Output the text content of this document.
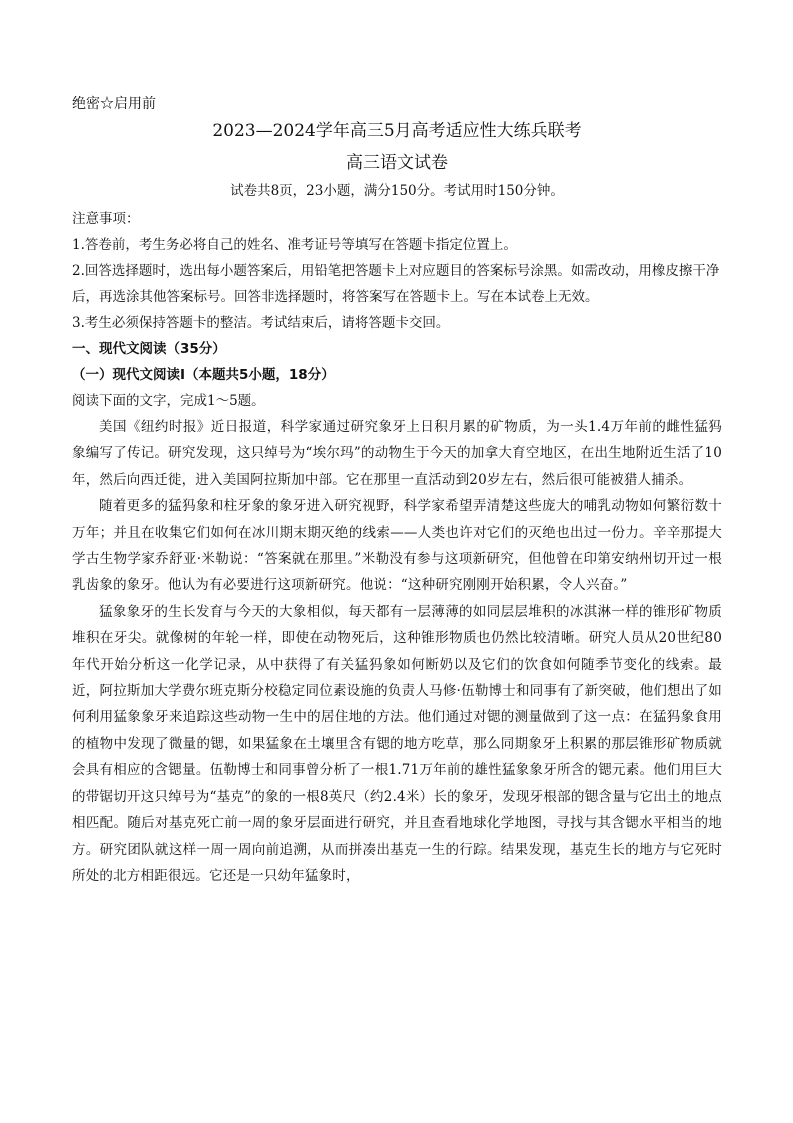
绝密☆启用前

2023—2024学年高三5月高考适应性大练兵联考

高三语文试卷

试卷共8页，23小题，满分150分。考试用时150分钟。

注意事项：

1.答卷前，考生务必将自己的姓名、准考证号等填写在答题卡指定位置上。

2.回答选择题时，选出每小题答案后，用铅笔把答题卡上对应题目的答案标号涂黑。如需改动，用橡皮擦干净后，再选涂其他答案标号。回答非选择题时，将答案写在答题卡上。写在本试卷上无效。

3.考生必须保持答题卡的整洁。考试结束后，请将答题卡交回。

一、现代文阅读（35分）

（一）现代文阅读Ⅰ（本题共5小题，18分）

阅读下面的文字，完成1～5题。

美国《纽约时报》近日报道，科学家通过研究象牙上日积月累的矿物质，为一头1.4万年前的雌性猛犸象编写了传记。研究发现，这只绰号为“埃尔玛”的动物生于今天的加拿大育空地区，在出生地附近生活了10年，然后向西迁徙，进入美国阿拉斯加中部。它在那里一直活动到20岁左右，然后很可能被猎人捕杀。

随着更多的猛犸象和柱牙象的象牙进入研究视野，科学家希望弄清楚这些庞大的哺乳动物如何繁衍数十万年；并且在收集它们如何在冰川期末期灭绝的线索——人类也许对它们的灭绝也出过一份力。辛辛那提大学古生物学家乔舒亚·米勒说：“答案就在那里。”米勒没有参与这项新研究，但他曾在印第安纳州切开过一根乳齿象的象牙。他认为有必要进行这项新研究。他说：“这种研究刚刚开始积累，令人兴奋。”

猛象象牙的生长发育与今天的大象相似，每天都有一层薄薄的如同层层堆积的冰淇淋一样的锥形矿物质堆积在牙尖。就像树的年轮一样，即使在动物死后，这种锥形物质也仍然比较清晰。研究人员从20世纪80年代开始分析这一化学记录，从中获得了有关猛犸象如何断奶以及它们的饮食如何随季节变化的线索。最近，阿拉斯加大学费尔班克斯分校稳定同位素设施的负责人马修·伍勒博士和同事有了新突破，他们想出了如何利用猛象象牙来追踪这些动物一生中的居住地的方法。他们通过对锶的测量做到了这一点：在猛犸象食用的植物中发现了微量的锶，如果猛象在土壤里含有锶的地方吃草，那么同期象牙上积累的那层锥形矿物质就会具有相应的含锶量。伍勒博士和同事曾分析了一根1.71万年前的雄性猛象象牙所含的锶元素。他们用巨大的带锯切开这只绰号为“基克”的象的一根8英尺（约2.4米）长的象牙，发现牙根部的锶含量与它出土的地点相匹配。随后对基克死亡前一周的象牙层面进行研究，并且查看地球化学地图，寻找与其含锶水平相当的地方。研究团队就这样一周一周向前追溯，从而拼凑出基克一生的行踪。结果发现，基克生长的地方与它死时所处的北方相距很远。它还是一只幼年猛象时，
